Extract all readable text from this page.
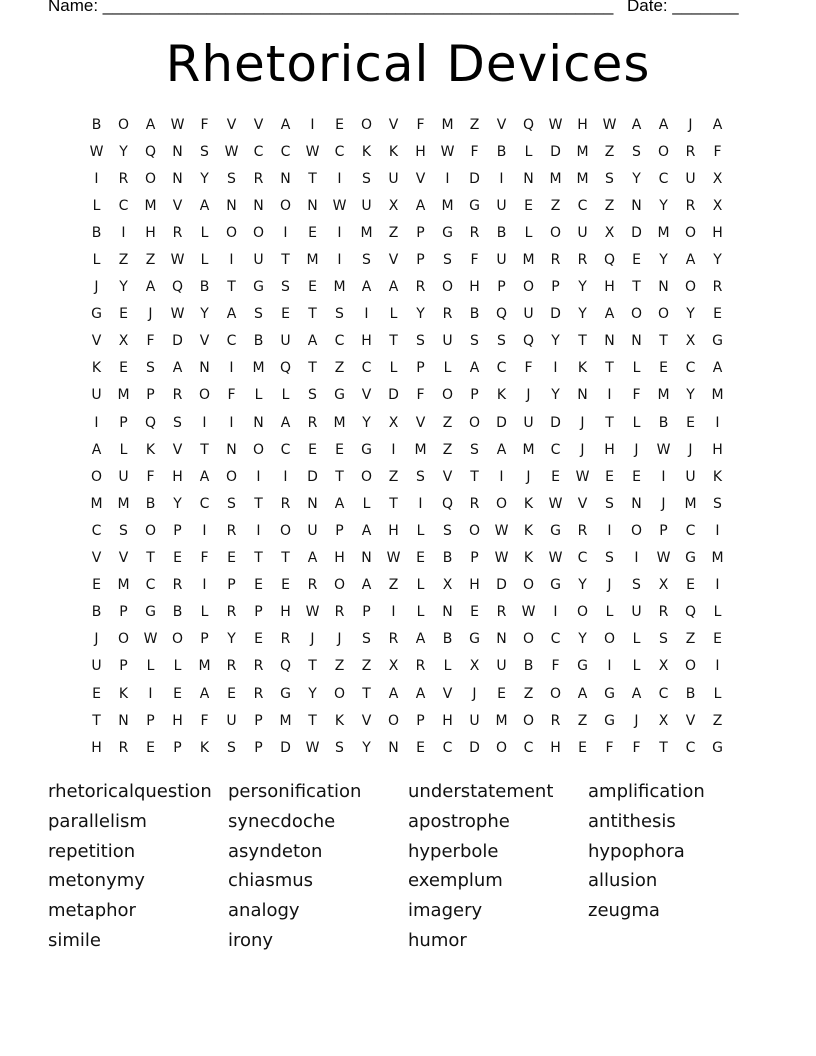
Name: ______________________________________________________ Date: _______
Rhetorical Devices
B	O	A	W	F	V	V	A	I	E	O	V	F	M	Z	V	Q	W	H	W	A	A	J	A
W	Y	Q	N	S	W	C	C	W	C	K	K	H	W	F	B	L	D	M	Z	S	O	R	F
I	R	O	N	Y	S	R	N	T	I	S	U	V	I	D	I	N	M	M	S	Y	C	U	X
L	C	M	V	A	N	N	O	N	W	U	X	A	M	G	U	E	Z	C	Z	N	Y	R	X
B	I	H	R	L	O	O	I	E	I	M	Z	P	G	R	B	L	O	U	X	D	M	O	H
L	Z	Z	W	L	I	U	T	M	I	S	V	P	S	F	U	M	R	R	Q	E	Y	A	Y
J	Y	A	Q	B	T	G	S	E	M	A	A	R	O	H	P	O	P	Y	H	T	N	O	R
G	E	J	W	Y	A	S	E	T	S	I	L	Y	R	B	Q	U	D	Y	A	O	O	Y	E
V	X	F	D	V	C	B	U	A	C	H	T	S	U	S	S	Q	Y	T	N	N	T	X	G
K	E	S	A	N	I	M	Q	T	Z	C	L	P	L	A	C	F	I	K	T	L	E	C	A
U	M	P	R	O	F	L	L	S	G	V	D	F	O	P	K	J	Y	N	I	F	M	Y	M
I	P	Q	S	I	I	N	A	R	M	Y	X	V	Z	O	D	U	D	J	T	L	B	E	I
A	L	K	V	T	N	O	C	E	E	G	I	M	Z	S	A	M	C	J	H	J	W	J	H
O	U	F	H	A	O	I	I	D	T	O	Z	S	V	T	I	J	E	W	E	E	I	U	K
M	M	B	Y	C	S	T	R	N	A	L	T	I	Q	R	O	K	W	V	S	N	J	M	S
C	S	O	P	I	R	I	O	U	P	A	H	L	S	O	W	K	G	R	I	O	P	C	I
V	V	T	E	F	E	T	T	A	H	N	W	E	B	P	W	K	W	C	S	I	W	G	M
E	M	C	R	I	P	E	E	R	O	A	Z	L	X	H	D	O	G	Y	J	S	X	E	I
B	P	G	B	L	R	P	H	W	R	P	I	L	N	E	R	W	I	O	L	U	R	Q	L
J	O	W	O	P	Y	E	R	J	J	S	R	A	B	G	N	O	C	Y	O	L	S	Z	E
U	P	L	L	M	R	R	Q	T	Z	Z	X	R	L	X	U	B	F	G	I	L	X	O	I
E	K	I	E	A	E	R	G	Y	O	T	A	A	V	J	E	Z	O	A	G	A	C	B	L
T	N	P	H	F	U	P	M	T	K	V	O	P	H	U	M	O	R	Z	G	J	X	V	Z
H	R	E	P	K	S	P	D	W	S	Y	N	E	C	D	O	C	H	E	F	F	T	C	G
rhetoricalquestion personification	understatement	amplification
parallelism	synecdoche	apostrophe	antithesis
repetition	asyndeton	hyperbole	hypophora
metonymy	chiasmus	exemplum	allusion
metaphor	analogy	imagery	zeugma
simile	irony	humor
